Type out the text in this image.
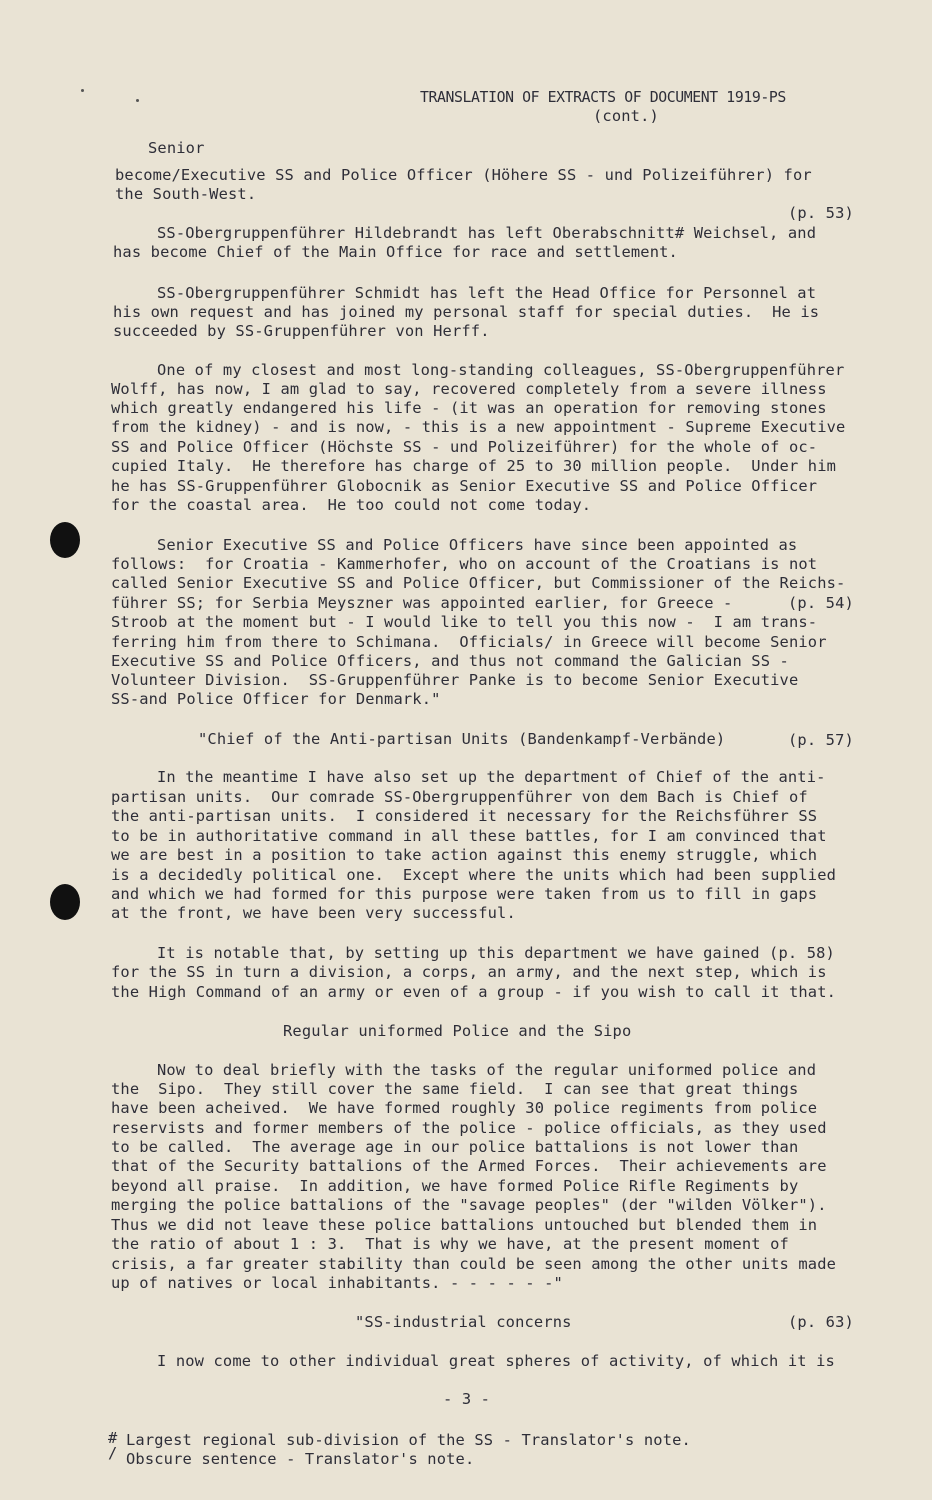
TRANSLATION OF EXTRACTS OF DOCUMENT 1919-PS
(cont.)
Senior
become/Executive SS and Police Officer (Höhere SS - und Polizeiführer) for
the South-West.
(p. 53)
SS-Obergruppenführer Hildebrandt has left Oberabschnitt# Weichsel, and
has become Chief of the Main Office for race and settlement.
SS-Obergruppenführer Schmidt has left the Head Office for Personnel at
his own request and has joined my personal staff for special duties.  He is
succeeded by SS-Gruppenführer von Herff.
One of my closest and most long-standing colleagues, SS-Obergruppenführer
Wolff, has now, I am glad to say, recovered completely from a severe illness
which greatly endangered his life - (it was an operation for removing stones
from the kidney) - and is now, - this is a new appointment - Supreme Executive
SS and Police Officer (Höchste SS - und Polizeiführer) for the whole of oc-
cupied Italy.  He therefore has charge of 25 to 30 million people.  Under him
he has SS-Gruppenführer Globocnik as Senior Executive SS and Police Officer
for the coastal area.  He too could not come today.
Senior Executive SS and Police Officers have since been appointed as
follows:  for Croatia - Kammerhofer, who on account of the Croatians is not
called Senior Executive SS and Police Officer, but Commissioner of the Reichs-
führer SS; for Serbia Meyszner was appointed earlier, for Greece -	(p. 54)
Stroob at the moment but - I would like to tell you this now -  I am trans-
ferring him from there to Schimana.  Officials/ in Greece will become Senior
Executive SS and Police Officers, and thus not command the Galician SS -
Volunteer Division.  SS-Gruppenführer Panke is to become Senior Executive
SS-and Police Officer for Denmark."
"Chief of the Anti-partisan Units (Bandenkampf-Verbände)	(p. 57)
In the meantime I have also set up the department of Chief of the anti-
partisan units.  Our comrade SS-Obergruppenführer von dem Bach is Chief of
the anti-partisan units.  I considered it necessary for the Reichsführer SS
to be in authoritative command in all these battles, for I am convinced that
we are best in a position to take action against this enemy struggle, which
is a decidedly political one.  Except where the units which had been supplied
and which we had formed for this purpose were taken from us to fill in gaps
at the front, we have been very successful.
It is notable that, by setting up this department we have gained (p. 58)
for the SS in turn a division, a corps, an army, and the next step, which is
the High Command of an army or even of a group - if you wish to call it that.
Regular uniformed Police and the Sipo
Now to deal briefly with the tasks of the regular uniformed police and
the  Sipo.  They still cover the same field.  I can see that great things
have been acheived.  We have formed roughly 30 police regiments from police
reservists and former members of the police - police officials, as they used
to be called.  The average age in our police battalions is not lower than
that of the Security battalions of the Armed Forces.  Their achievements are
beyond all praise.  In addition, we have formed Police Rifle Regiments by
merging the police battalions of the "savage peoples" (der "wilden Völker").
Thus we did not leave these police battalions untouched but blended them in
the ratio of about 1 : 3.  That is why we have, at the present moment of
crisis, a far greater stability than could be seen among the other units made
up of natives or local inhabitants. - - - - - -"
"SS-industrial concerns	(p. 63)
I now come to other individual great spheres of activity, of which it is
- 3 -
# Largest regional sub-division of the SS - Translator's note.
/ Obscure sentence - Translator's note.
